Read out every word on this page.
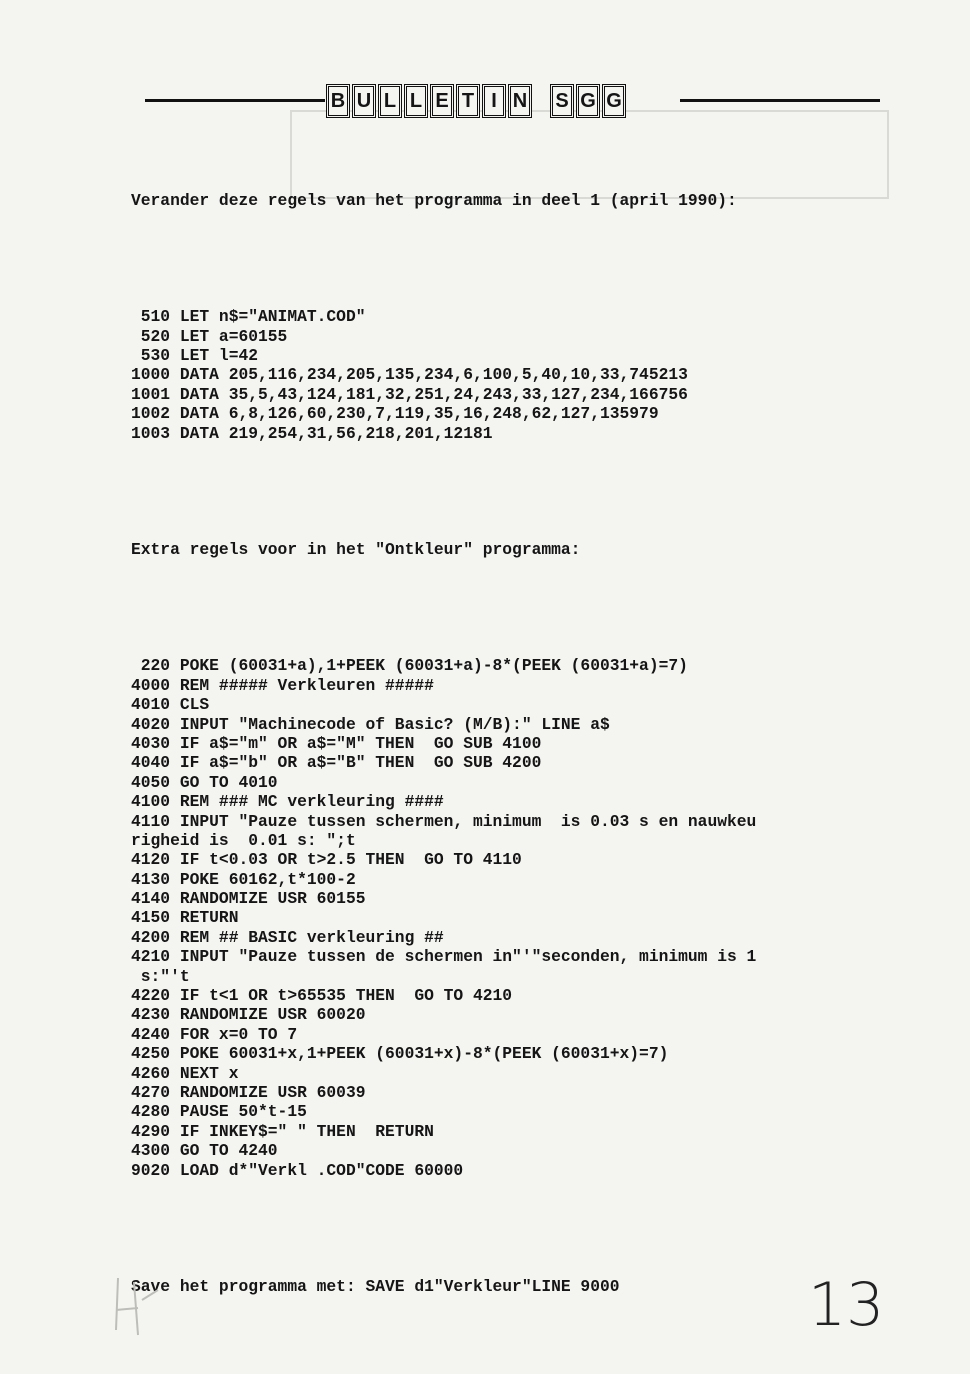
B U L L E T I N S G G

Verander deze regels van het programma in deel 1 (april 1990):

510 LET n$="ANIMAT.COD"
520 LET a=60155
530 LET l=42
1000 DATA 205,116,234,205,135,234,6,100,5,40,10,33,745213
1001 DATA 35,5,43,124,181,32,251,24,243,33,127,234,166756
1002 DATA 6,8,126,60,230,7,119,35,16,248,62,127,135979
1003 DATA 219,254,31,56,218,201,12181

Extra regels voor in het "Ontkleur" programma:

220 POKE (60031+a),1+PEEK (60031+a)-8*(PEEK (60031+a)=7)
4000 REM ##### Verkleuren #####
4010 CLS
4020 INPUT "Machinecode of Basic? (M/B):" LINE a$
4030 IF a$="m" OR a$="M" THEN  GO SUB 4100
4040 IF a$="b" OR a$="B" THEN  GO SUB 4200
4050 GO TO 4010
4100 REM ### MC verkleuring ####
4110 INPUT "Pauze tussen schermen, minimum  is 0.03 s en nauwkeu
righeid is  0.01 s: ";t
4120 IF t<0.03 OR t>2.5 THEN  GO TO 4110
4130 POKE 60162,t*100-2
4140 RANDOMIZE USR 60155
4150 RETURN
4200 REM ## BASIC verkleuring ##
4210 INPUT "Pauze tussen de schermen in"'"seconden, minimum is 1
s:"'t
4220 IF t<1 OR t>65535 THEN  GO TO 4210
4230 RANDOMIZE USR 60020
4240 FOR x=0 TO 7
4250 POKE 60031+x,1+PEEK (60031+x)-8*(PEEK (60031+x)=7)
4260 NEXT x
4270 RANDOMIZE USR 60039
4280 PAUSE 50*t-15
4290 IF INKEY$=" " THEN  RETURN
4300 GO TO 4240
9020 LOAD d*"Verkl .COD"CODE 60000

Save het programma met: SAVE d1"Verkleur"LINE 9000	13
